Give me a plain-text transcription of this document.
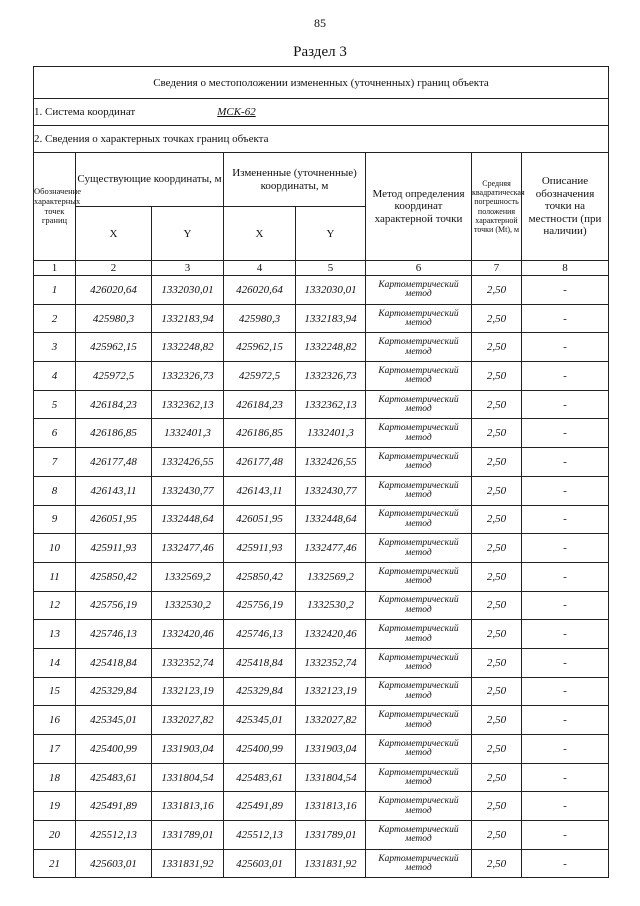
85
Раздел 3
Сведения о местоположении измененных (уточненных) границ объекта							
1. Система координат МСК-62							
2. Сведения о характерных точках границ объекта							
Обозначение характерных точек границ	Существующие координаты, м		Измененные (уточненные) координаты, м		Метод определения координат характерной точки	Средняя квадратическая погрешность положения характерной точки (Mt), м	Описание обозначения точки на местности (при наличии)
	X	Y	X	Y			
1	2	3	4	5	6	7	8
1	426020,64	1332030,01	426020,64	1332030,01	Картометрический метод	2,50	-
2	425980,3	1332183,94	425980,3	1332183,94	Картометрический метод	2,50	-
3	425962,15	1332248,82	425962,15	1332248,82	Картометрический метод	2,50	-
4	425972,5	1332326,73	425972,5	1332326,73	Картометрический метод	2,50	-
5	426184,23	1332362,13	426184,23	1332362,13	Картометрический метод	2,50	-
6	426186,85	1332401,3	426186,85	1332401,3	Картометрический метод	2,50	-
7	426177,48	1332426,55	426177,48	1332426,55	Картометрический метод	2,50	-
8	426143,11	1332430,77	426143,11	1332430,77	Картометрический метод	2,50	-
9	426051,95	1332448,64	426051,95	1332448,64	Картометрический метод	2,50	-
10	425911,93	1332477,46	425911,93	1332477,46	Картометрический метод	2,50	-
11	425850,42	1332569,2	425850,42	1332569,2	Картометрический метод	2,50	-
12	425756,19	1332530,2	425756,19	1332530,2	Картометрический метод	2,50	-
13	425746,13	1332420,46	425746,13	1332420,46	Картометрический метод	2,50	-
14	425418,84	1332352,74	425418,84	1332352,74	Картометрический метод	2,50	-
15	425329,84	1332123,19	425329,84	1332123,19	Картометрический метод	2,50	-
16	425345,01	1332027,82	425345,01	1332027,82	Картометрический метод	2,50	-
17	425400,99	1331903,04	425400,99	1331903,04	Картометрический метод	2,50	-
18	425483,61	1331804,54	425483,61	1331804,54	Картометрический метод	2,50	-
19	425491,89	1331813,16	425491,89	1331813,16	Картометрический метод	2,50	-
20	425512,13	1331789,01	425512,13	1331789,01	Картометрический метод	2,50	-
21	425603,01	1331831,92	425603,01	1331831,92	Картометрический метод	2,50	-
